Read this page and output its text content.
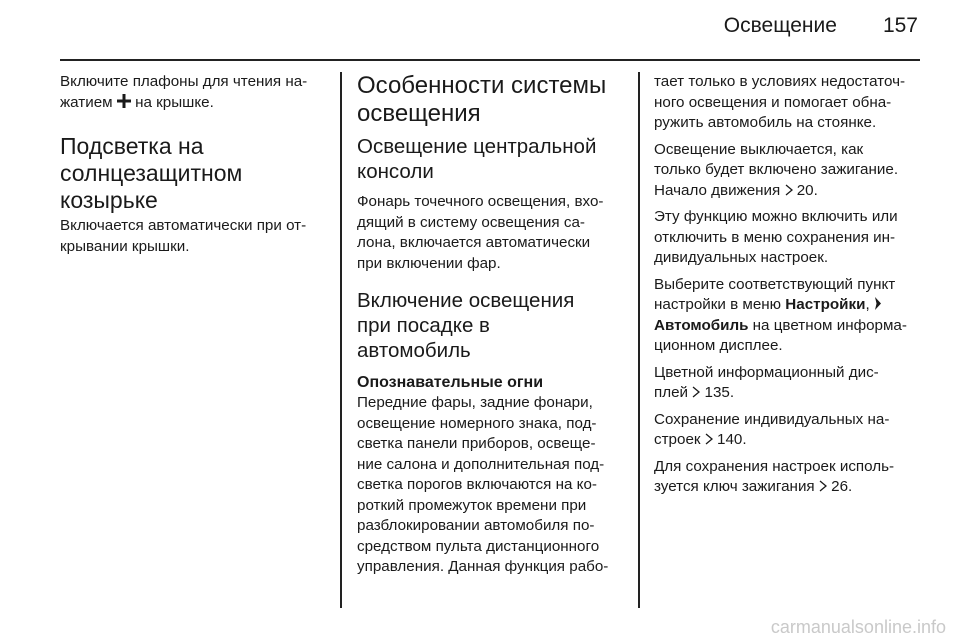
Освещение 157
Включите плафоны для чтения на-
жатием на крышке.
Подсветка на
солнцезащитном
козырьке
Включается автоматически при от-
крывании крышки.
Особенности системы
освещения
Освещение центральной
консоли
Фонарь точечного освещения, вхо-
дящий в систему освещения са-
лона, включается автоматически
при включении фар.
Включение освещения
при посадке в
автомобиль
Опознавательные огни
Передние фары, задние фонари,
освещение номерного знака, под-
светка панели приборов, освеще-
ние салона и дополнительная под-
светка порогов включаются на ко-
роткий промежуток времени при
разблокировании автомобиля по-
средством пульта дистанционного
управления. Данная функция рабо-
тает только в условиях недостаточ-
ного освещения и помогает обна-
ружить автомобиль на стоянке.
Освещение выключается, как
только будет включено зажигание.
Начало движения 20.
Эту функцию можно включить или
отключить в меню сохранения ин-
дивидуальных настроек.
Выберите соответствующий пункт
настройки в меню Настройки,
Автомобиль на цветном информа-
ционном дисплее.
Цветной информационный дис-
плей 135.
Сохранение индивидуальных на-
строек 140.
Для сохранения настроек исполь-
зуется ключ зажигания 26.
carmanualsonline.info
